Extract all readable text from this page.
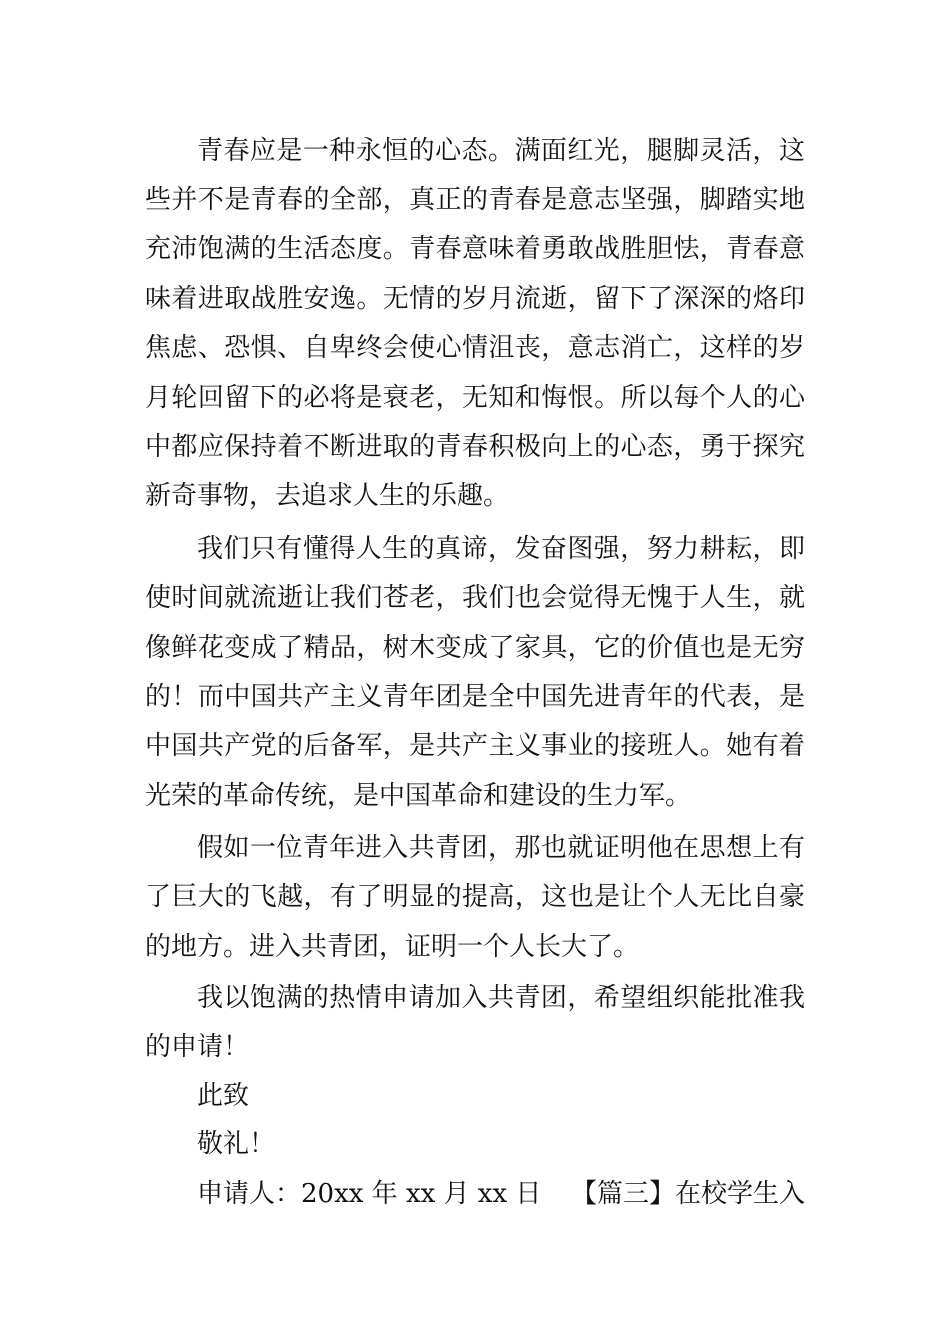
青春应是一种永恒的心态。满面红光，腿脚灵活，这
些并不是青春的全部，真正的青春是意志坚强，脚踏实地
充沛饱满的生活态度。青春意味着勇敢战胜胆怯，青春意
味着进取战胜安逸。无情的岁月流逝，留下了深深的烙印
焦虑、恐惧、自卑终会使心情沮丧，意志消亡，这样的岁
月轮回留下的必将是衰老，无知和悔恨。所以每个人的心
中都应保持着不断进取的青春积极向上的心态，勇于探究
新奇事物，去追求人生的乐趣。
我们只有懂得人生的真谛，发奋图强，努力耕耘，即
使时间就流逝让我们苍老，我们也会觉得无愧于人生，就
像鲜花变成了精品，树木变成了家具，它的价值也是无穷
的！而中国共产主义青年团是全中国先进青年的代表，是
中国共产党的后备军，是共产主义事业的接班人。她有着
光荣的革命传统，是中国革命和建设的生力军。
假如一位青年进入共青团，那也就证明他在思想上有
了巨大的飞越，有了明显的提高，这也是让个人无比自豪
的地方。进入共青团，证明一个人长大了。
我以饱满的热情申请加入共青团，希望组织能批准我
的申请！
此致
敬礼！
申请人：20xx 年 xx 月 xx 日 【篇三】在校学生入
